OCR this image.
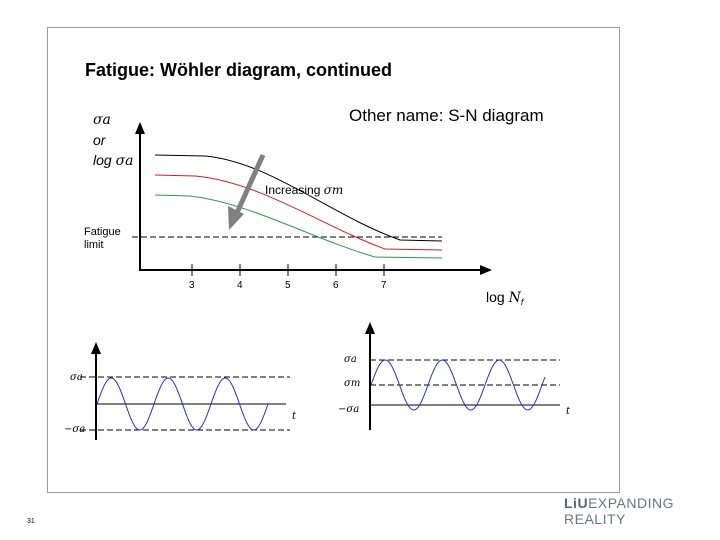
Fatigue: Wöhler diagram, continued
Other name: S-N diagram
σa
or
log σa
Increasing σm
Fatigue
limit
3	4	5	6	7
$\log N_f$
σa
−σa
t
σa
σm
−σa	t
LiUEXPANDING REALITY
31
